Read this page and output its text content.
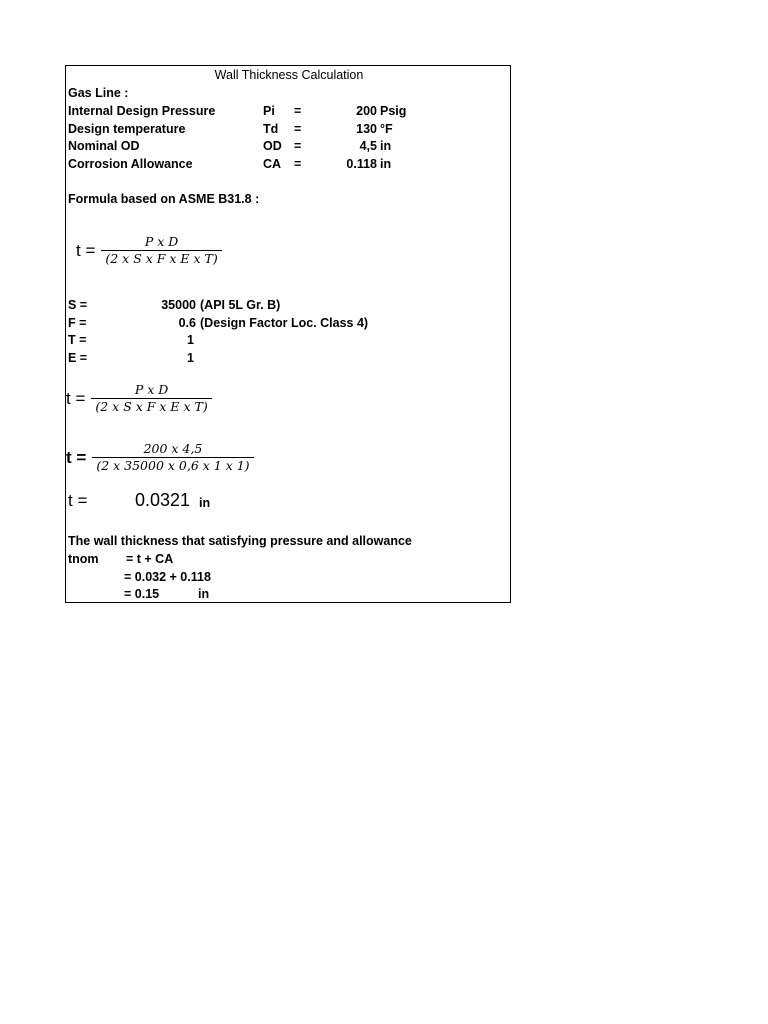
Wall Thickness Calculation
Gas Line :
Internal Design Pressure	Pi =	200 Psig
Design temperature	Td =	130 °F
Nominal OD	OD =	4,5 in
Corrosion Allowance	CA =	0.118 in
Formula based on ASME B31.8 :
$t = \frac{\text{P x D}}{\text{(2 x S x F x E x T)}}$
S =	35000 (API 5L Gr. B)
F =	0.6 (Design Factor Loc. Class 4)
T =	1
E =	1
$t = \frac{\text{P x D}}{\text{(2 x S x F x E x T)}}$
$t = \frac{200 x 4,5}{(2 x 35000 x 0,6 x 1 x 1)}$
t =	0.0321 in
The wall thickness that satisfying pressure and allowance
tnom = t + CA
= 0.032 + 0.118
= 0.15	in
